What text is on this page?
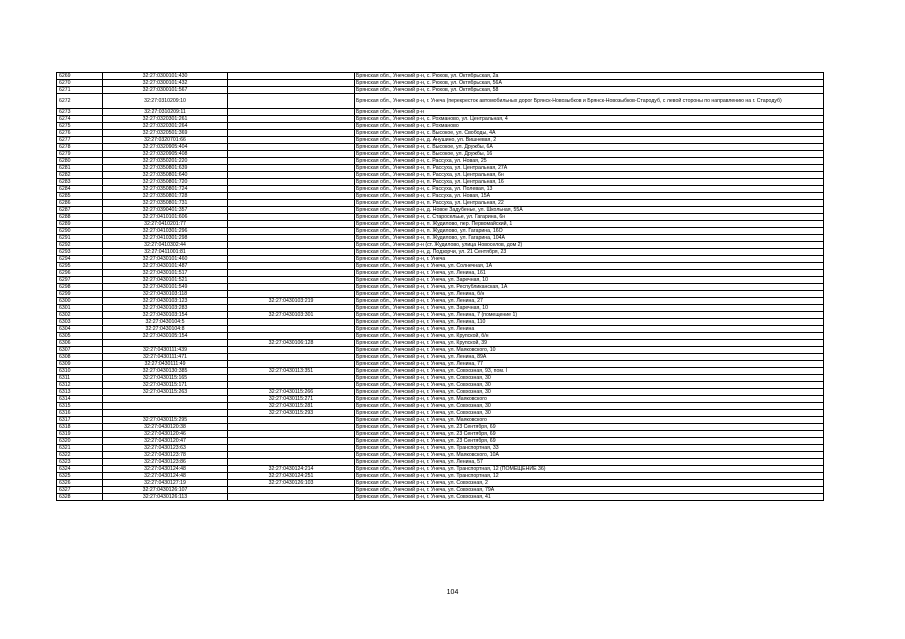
6269	32:27:0300101:430		Брянская обл., Унечский р-н, с. Рюхов, ул. Октябрьская, 2а
6270	32:27:0300101:432		Брянская обл., Унечский р-н, с. Рюхов, ул. Октябрьская, 56А
6271	32:27:0300101:567		Брянская обл., Унечский р-н, с. Рюхов, ул. Октябрьская, 58
6272	32:27:0310209:10		Брянская обл., Унечский р-н, г. Унеча (перекресток автомобильных дорог Брянск-Новозыбков и Брянск-Новозыбков-Стародуб, с левой стороны по направлению на г. Стародуб)
6273	32:27:0310209:11		Брянская обл., Унечский р-н
6274	32:27:0320301:261		Брянская обл., Унечский р-н, с. Рохманово, ул. Центральная, 4
6275	32:27:0320301:264		Брянская обл., Унечский р-н, с. Рохманово
6276	32:27:0320501:369		Брянская обл., Унечский р-н, с. Высокое, ул. Свободы, 4А
6277	32:27:0320701:66		Брянская обл., Унечский р-н, д. Анушино, ул. Вишневая, 2
6278	32:27:0320905:404		Брянская обл., Унечский р-н, с. Высокое, ул. Дружбы, 6А
6279	32:27:0320905:408		Брянская обл., Унечский р-н, с. Высокое, ул. Дружбы, 16
6280	32:27:0350201:220		Брянская обл., Унечский р-н, с. Рассуха, ул. Новая, 25
6281	32:27:0350801:639		Брянская обл., Унечский р-н, п. Рассуха, ул. Центральная, 27А
6282	32:27:0350801:640		Брянская обл., Унечский р-н, п. Рассуха, ул. Центральная, 6н
6283	32:27:0350801:720		Брянская обл., Унечский р-н, п. Рассуха, ул. Центральная, 16
6284	32:27:0350801:724		Брянская обл., Унечский р-н, с. Рассуха, ул. Полевая, 13
6285	32:27:0350801:728		Брянская обл., Унечский р-н, с. Рассуха, ул. Новая, 15А
6286	32:27:0350801:731		Брянская обл., Унечский р-н, п. Рассуха, ул. Центральная, 22
6287	32:27:0390401:357		Брянская обл., Унечский р-н, д. Новое Задубенье, ул. Школьная, 55А
6288	32:27:0410101:606		Брянская обл., Унечский р-н, с. Старосельье, ул. Гагарина, 6н
6289	32:27:0410201:77		Брянская обл., Унечский р-н, п. Жудилово, пер. Первомайский, 1
6290	32:27:0410301:296		Брянская обл., Унечский р-н, п. Жудилово, ул. Гагарина, 16О
6291	32:27:0410301:298		Брянская обл., Унечский р-н, п. Жудилово, ул. Гагарина, 104А
6292	32:27:0410302:44		Брянская обл., Унечский р-н (ст. Жудилово, улица Новоселов, дом 2)
6293	32:27:0411001:81		Брянская обл., Унечский р-н, д. Подзорчи, ул. 21 Сентября, 23
6294	32:27:0430101:460		Брянская обл., Унечский р-н, г. Унеча
6295	32:27:0430101:487		Брянская обл., Унечский р-н, г. Унеча, ул. Солнечная, 1А
6296	32:27:0430101:517		Брянская обл., Унечский р-н, г. Унеча, ул. Ленина, 161
6297	32:27:0430101:521		Брянская обл., Унечский р-н, г. Унеча, ул. Заречная, 10
6298	32:27:0430101:549		Брянская обл., Унечский р-н, г. Унеча, ул. Республиканская, 1А
6299	32:27:0430103:118		Брянская обл., Унечский р-н, г. Унеча, ул. Ленина, б/н
6300	32:27:0430103:123	32:27:0430103:219	Брянская обл., Унечский р-н, г. Унеча, ул. Ленина, 27
6301	32:27:0430103:283		Брянская обл., Унечский р-н, г. Унеча, ул. Заречная, 10
6302	32:27:0430103:154	32:27:0430103:301	Брянская обл., Унечский р-н, г. Унеча, ул. Ленина, 7 (помещение 1)
6303	32:27:0430104:5		Брянская обл., Унечский р-н, г. Унеча, ул. Ленина, 110
6304	32:27:0430104:8		Брянская обл., Унечский р-н, г. Унеча, ул. Ленина
6305	32:27:0430105:154		Брянская обл., Унечский р-н, г. Унеча, ул. Крупской, б/н
6306		32:27:0430106:128	Брянская обл., Унечский р-н, г. Унеча, ул. Крупской, 39
6307	32:27:0430111:439		Брянская обл., Унечский р-н, г. Унеча, ул. Маяковского, 10
6308	32:27:0430111:471		Брянская обл., Унечский р-н, г. Унеча, ул. Ленина, 89А
6309	32:27:0430111:49		Брянская обл., Унечский р-н, г. Унеча, ул. Ленина, 77
6310	32:27:0430130:385	32:27:0430113:351	Брянская обл., Унечский р-н, г. Унеча, ул. Совхозная, 93, пом. I
6311	32:27:0430115:165		Брянская обл., Унечский р-н, г. Унеча, ул. Совхозная, 30
6312	32:27:0430115:171		Брянская обл., Унечский р-н, г. Унеча, ул. Совхозная, 30
6313	32:27:0430115:263	32:27:0430115:266	Брянская обл., Унечский р-н, г. Унеча, ул. Совхозная, 30
6314		32:27:0430115:271	Брянская обл., Унечский р-н, г. Унеча, ул. Маяковского
6315		32:27:0430115:281	Брянская обл., Унечский р-н, г. Унеча, ул. Совхозная, 30
6316		32:27:0430115:293	Брянская обл., Унечский р-н, г. Унеча, ул. Совхозная, 30
6317	32:27:0430115:295		Брянская обл., Унечский р-н, г. Унеча, ул. Маяковского
6318	32:27:0430120:38		Брянская обл., Унечский р-н, г. Унеча, ул. 23 Сентября, 69
6319	32:27:0430120:46		Брянская обл., Унечский р-н, г. Унеча, ул. 23 Сентября, 69
6320	32:27:0430120:47		Брянская обл., Унечский р-н, г. Унеча, ул. 23 Сентября, 69
6321	32:27:0430123:63		Брянская обл., Унечский р-н, г. Унеча, ул. Транспортная, 33
6322	32:27:0430123:78		Брянская обл., Унечский р-н, г. Унеча, ул. Маяковского, 10А
6323	32:27:0430123:86		Брянская обл., Унечский р-н, г. Унеча, ул. Ленина, 57
6324	32:27:0430124:48	32:27:0430124:214	Брянская обл., Унечский р-н, г. Унеча, ул. Транспортная, 12 (ПОМЕЩЕНИЕ 36)
6325	32:27:0430124:48	32:27:0430124:251	Брянская обл., Унечский р-н, г. Унеча, ул. Транспортная, 12
6326	32:27:0430127:19	32:27:0430126:103	Брянская обл., Унечский р-н, г. Унеча, ул. Совхозная, 2
6327	32:27:0430126:107		Брянская обл., Унечский р-н, г. Унеча, ул. Совхозная, 79А
6328	32:27:0430126:113		Брянская обл., Унечский р-н, г. Унеча, ул. Совхозная, 41
104
